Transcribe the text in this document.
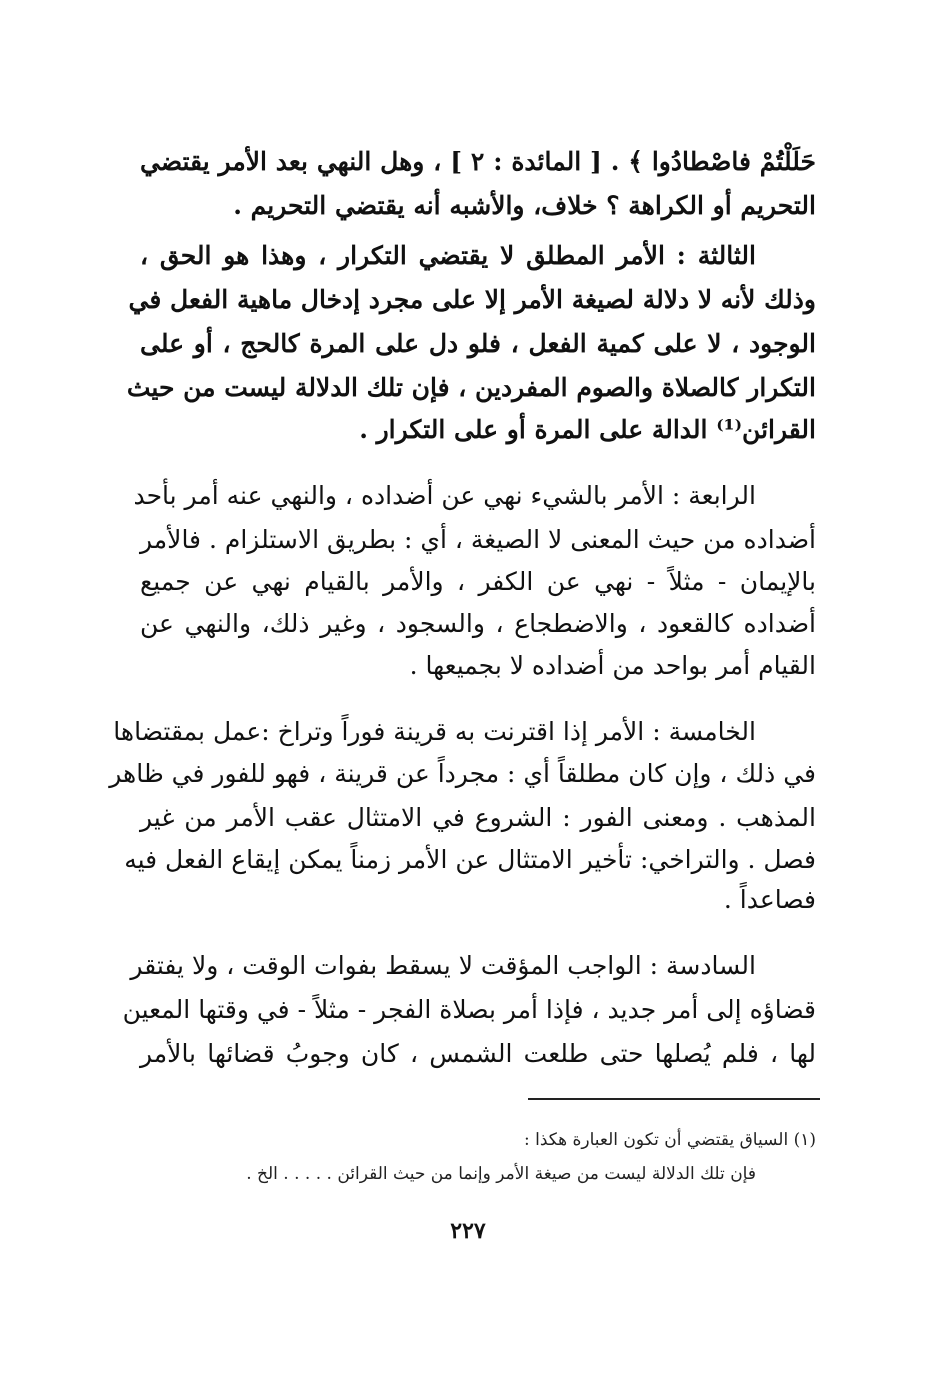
حَلَلْتُمْ فاصْطادُوا ﴾ . [ المائدة : ٢ ] ، وهل النهي بعد الأمر يقتضي
التحريم أو الكراهة ؟ خلاف، والأشبه أنه يقتضي التحريم .
الثالثة : الأمر المطلق لا يقتضي التكرار ، وهذا هو الحق ،
وذلك لأنه لا دلالة لصيغة الأمر إلا على مجرد إدخال ماهية الفعل في
الوجود ، لا على كمية الفعل ، فلو دل على المرة كالحج ، أو على
التكرار كالصلاة والصوم المفردين ، فإن تلك الدلالة ليست من حيث
القرائن⁽¹⁾ الدالة على المرة أو على التكرار .
الرابعة : الأمر بالشيء نهي عن أضداده ، والنهي عنه أمر بأحد
أضداده من حيث المعنى لا الصيغة ، أي : بطريق الاستلزام . فالأمر
بالإيمان - مثلاً - نهي عن الكفر ، والأمر بالقيام نهي عن جميع
أضداده كالقعود ، والاضطجاع ، والسجود ، وغير ذلك، والنهي عن
القيام أمر بواحد من أضداده لا بجميعها .
الخامسة : الأمر إذا اقترنت به قرينة فوراً وتراخ :عمل بمقتضاها
في ذلك ، وإن كان مطلقاً أي : مجرداً عن قرينة ، فهو للفور في ظاهر
المذهب . ومعنى الفور : الشروع في الامتثال عقب الأمر من غير
فصل . والتراخي: تأخير الامتثال عن الأمر زمناً يمكن إيقاع الفعل فيه
فصاعداً .
السادسة : الواجب المؤقت لا يسقط بفوات الوقت ، ولا يفتقر
قضاؤه إلى أمر جديد ، فإذا أمر بصلاة الفجر - مثلاً - في وقتها المعين
لها ، فلم يُصلها حتى طلعت الشمس ، كان وجوبُ قضائها بالأمر
(١) السياق يقتضي أن تكون العبارة هكذا :
فإن تلك الدلالة ليست من صيغة الأمر وإنما من حيث القرائن . . . . . الخ .
٢٢٧
